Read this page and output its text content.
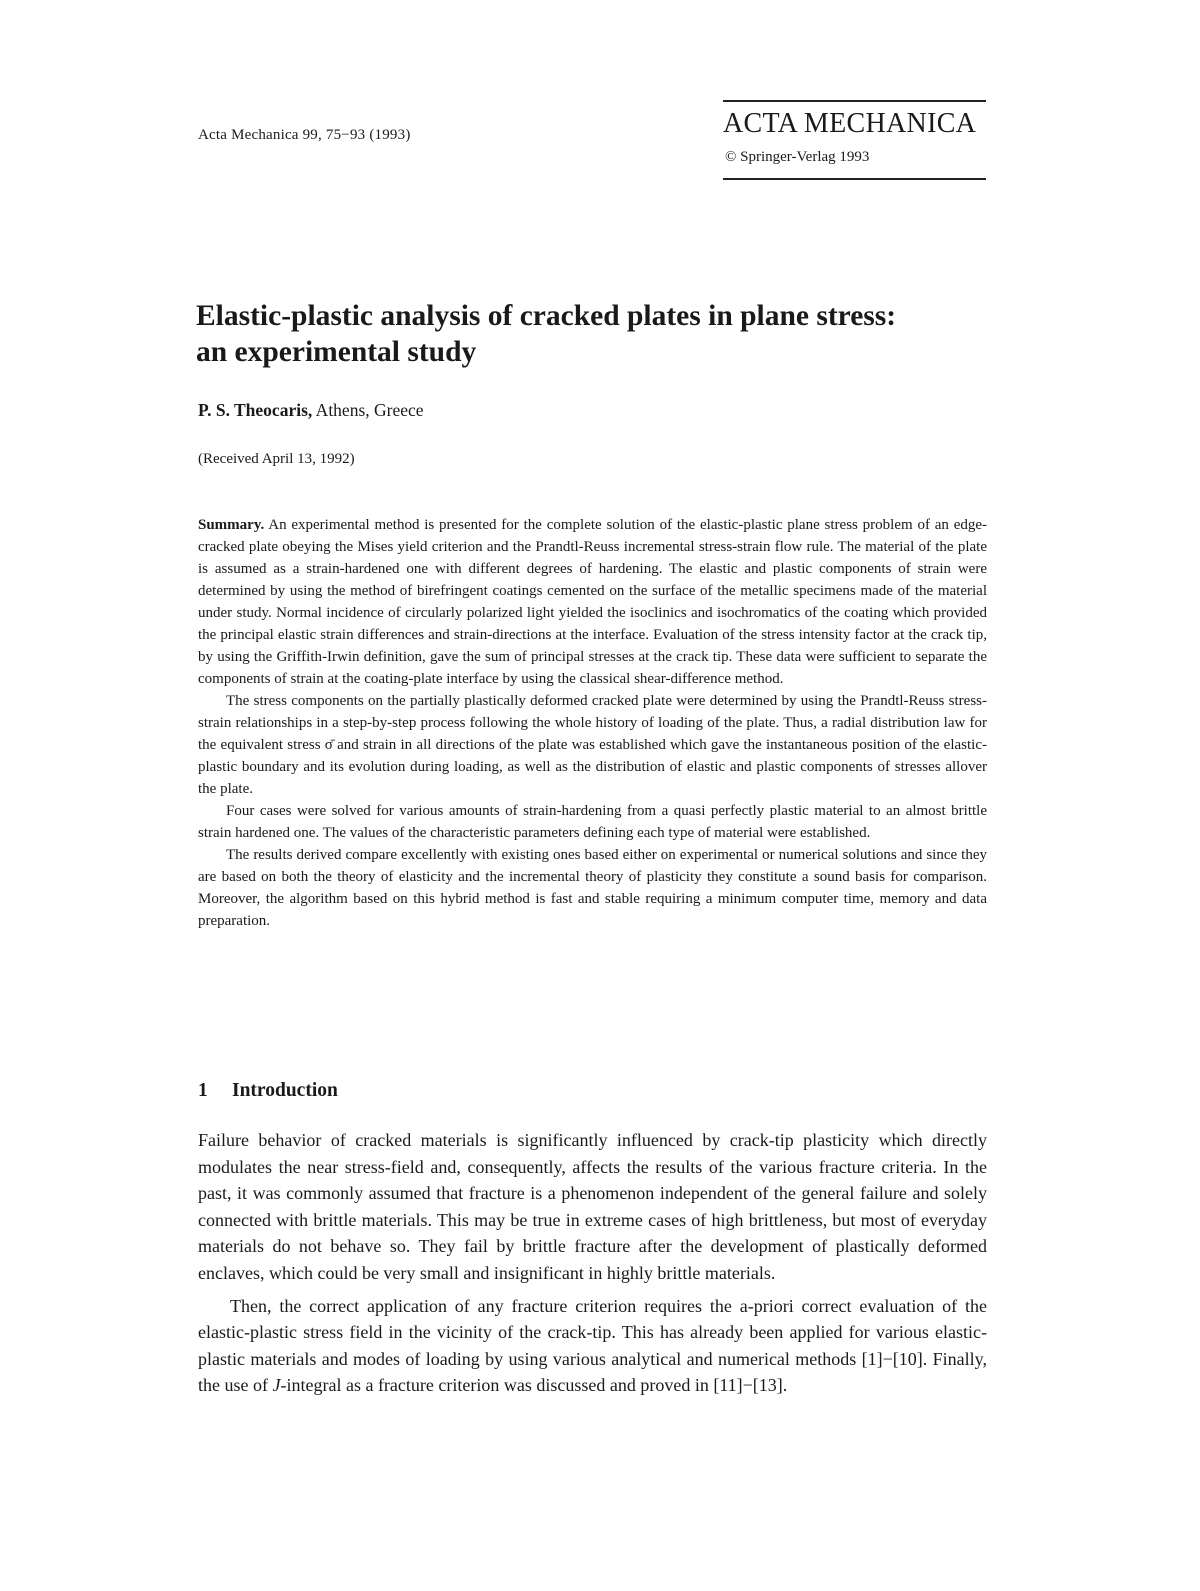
Acta Mechanica 99, 75−93 (1993)	ACTA MECHANICA
© Springer-Verlag 1993
Elastic-plastic analysis of cracked plates in plane stress:
an experimental study
P. S. Theocaris, Athens, Greece
(Received April 13, 1992)

Summary. An experimental method is presented for the complete solution of the elastic-plastic plane stress problem of an edge-cracked plate obeying the Mises yield criterion and the Prandtl-Reuss incremental stress-strain flow rule. The material of the plate is assumed as a strain-hardened one with different degrees of hardening. The elastic and plastic components of strain were determined by using the method of birefringent coatings cemented on the surface of the metallic specimens made of the material under study. Normal incidence of circularly polarized light yielded the isoclinics and isochromatics of the coating which provided the principal elastic strain differences and strain-directions at the interface. Evaluation of the stress intensity factor at the crack tip, by using the Griffith-Irwin definition, gave the sum of principal stresses at the crack tip. These data were sufficient to separate the components of strain at the coating-plate interface by using the classical shear-difference method.

The stress components on the partially plastically deformed cracked plate were determined by using the Prandtl-Reuss stress-strain relationships in a step-by-step process following the whole history of loading of the plate. Thus, a radial distribution law for the equivalent stress σ̄ and strain in all directions of the plate was established which gave the instantaneous position of the elastic-plastic boundary and its evolution during loading, as well as the distribution of elastic and plastic components of stresses allover the plate.

Four cases were solved for various amounts of strain-hardening from a quasi perfectly plastic material to an almost brittle strain hardened one. The values of the characteristic parameters defining each type of material were established.

The results derived compare excellently with existing ones based either on experimental or numerical solutions and since they are based on both the theory of elasticity and the incremental theory of plasticity they constitute a sound basis for comparison. Moreover, the algorithm based on this hybrid method is fast and stable requiring a minimum computer time, memory and data preparation.

1 Introduction

Failure behavior of cracked materials is significantly influenced by crack-tip plasticity which directly modulates the near stress-field and, consequently, affects the results of the various fracture criteria. In the past, it was commonly assumed that fracture is a phenomenon independent of the general failure and solely connected with brittle materials. This may be true in extreme cases of high brittleness, but most of everyday materials do not behave so. They fail by brittle fracture after the development of plastically deformed enclaves, which could be very small and insignificant in highly brittle materials.

Then, the correct application of any fracture criterion requires the a-priori correct evaluation of the elastic-plastic stress field in the vicinity of the crack-tip. This has already been applied for various elastic-plastic materials and modes of loading by using various analytical and numerical methods [1]−[10]. Finally, the use of J-integral as a fracture criterion was discussed and proved in [11]−[13].
